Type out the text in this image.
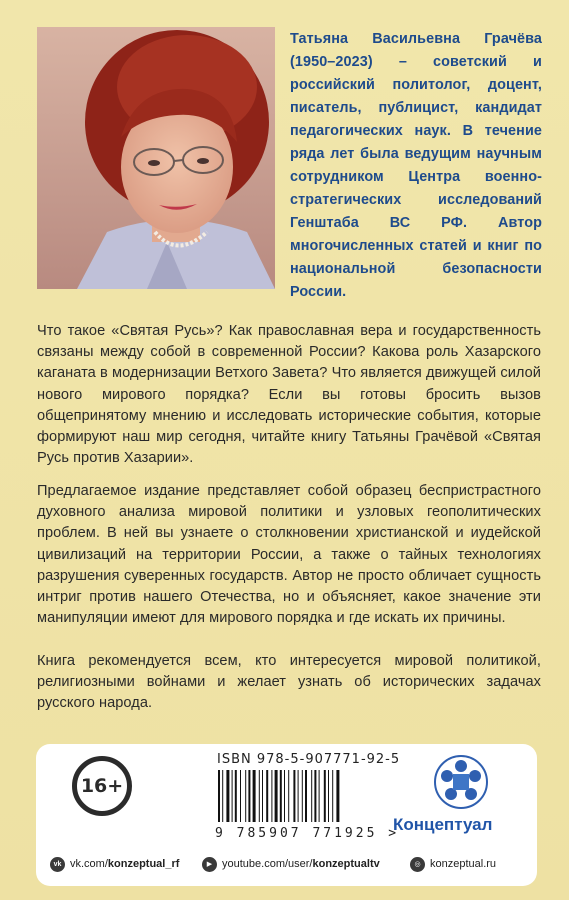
Татьяна Васильевна Грачёва (1950–2023) – советский и российский политолог, доцент, писатель, публицист, кандидат педагогических наук. В течение ряда лет была ведущим научным сотрудником Центра военно-стратегических исследований Генштаба ВС РФ. Автор многочисленных статей и книг по национальной безопасности России.
Что такое «Святая Русь»? Как православная вера и государственность связаны между собой в современной России? Какова роль Хазарского каганата в модернизации Ветхого Завета? Что является движущей силой нового мирового порядка? Если вы готовы бросить вызов общепринятому мнению и исследовать исторические события, которые формируют наш мир сегодня, читайте книгу Татьяны Грачёвой «Святая Русь против Хазарии».
Предлагаемое издание представляет собой образец беспристрастного духовного анализа мировой политики и узловых геополитических проблем. В ней вы узнаете о столкновении христианской и иудейской цивилизаций на территории России, а также о тайных технологиях разрушения суверенных государств. Автор не просто обличает сущность интриг против нашего Отечества, но и объясняет, какое значение эти манипуляции имеют для мирового порядка и где искать их причины.
Книга рекомендуется всем, кто интересуется мировой политикой, религиозными войнами и желает узнать об исторических задачах русского народа.
16+
ISBN 978-5-907771-92-5
9 785907 771925 >
Концептуал
vk vk.com/konzeptual_rf	▶ youtube.com/user/konzeptualtv	◎ konzeptual.ru
